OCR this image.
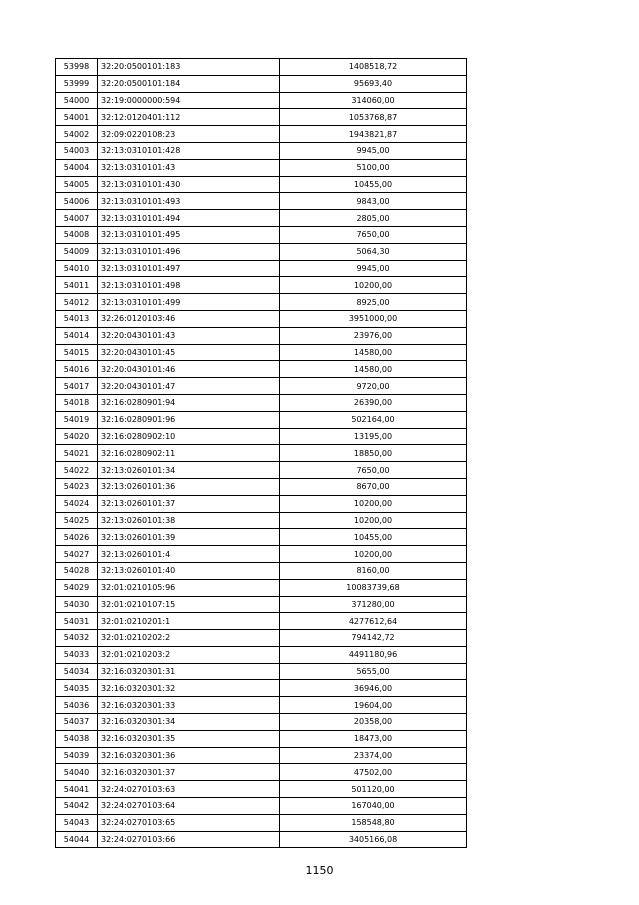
53998	32:20:0500101:183	1408518,72
53999	32:20:0500101:184	95693,40
54000	32:19:0000000:594	314060,00
54001	32:12:0120401:112	1053768,87
54002	32:09:0220108:23	1943821,87
54003	32:13:0310101:428	9945,00
54004	32:13:0310101:43	5100,00
54005	32:13:0310101:430	10455,00
54006	32:13:0310101:493	9843,00
54007	32:13:0310101:494	2805,00
54008	32:13:0310101:495	7650,00
54009	32:13:0310101:496	5064,30
54010	32:13:0310101:497	9945,00
54011	32:13:0310101:498	10200,00
54012	32:13:0310101:499	8925,00
54013	32:26:0120103:46	3951000,00
54014	32:20:0430101:43	23976,00
54015	32:20:0430101:45	14580,00
54016	32:20:0430101:46	14580,00
54017	32:20:0430101:47	9720,00
54018	32:16:0280901:94	26390,00
54019	32:16:0280901:96	502164,00
54020	32:16:0280902:10	13195,00
54021	32:16:0280902:11	18850,00
54022	32:13:0260101:34	7650,00
54023	32:13:0260101:36	8670,00
54024	32:13:0260101:37	10200,00
54025	32:13:0260101:38	10200,00
54026	32:13:0260101:39	10455,00
54027	32:13:0260101:4	10200,00
54028	32:13:0260101:40	8160,00
54029	32:01:0210105:96	10083739,68
54030	32:01:0210107:15	371280,00
54031	32:01:0210201:1	4277612,64
54032	32:01:0210202:2	794142,72
54033	32:01:0210203:2	4491180,96
54034	32:16:0320301:31	5655,00
54035	32:16:0320301:32	36946,00
54036	32:16:0320301:33	19604,00
54037	32:16:0320301:34	20358,00
54038	32:16:0320301:35	18473,00
54039	32:16:0320301:36	23374,00
54040	32:16:0320301:37	47502,00
54041	32:24:0270103:63	501120,00
54042	32:24:0270103:64	167040,00
54043	32:24:0270103:65	158548,80
54044	32:24:0270103:66	3405166,08
1150
